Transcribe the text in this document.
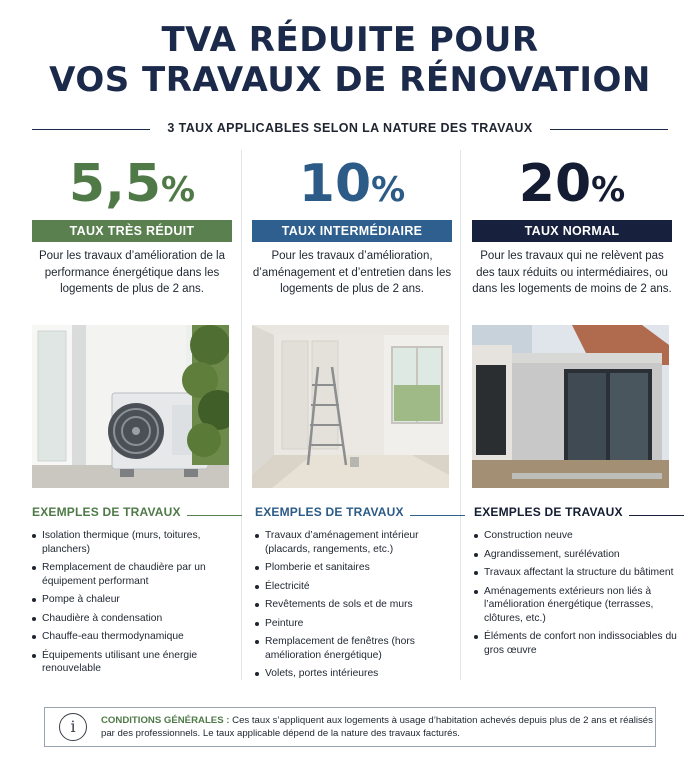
TVA RÉDUITE POUR
VOS TRAVAUX DE RÉNOVATION
3 TAUX APPLICABLES SELON LA NATURE DES TRAVAUX
5,5%
TAUX TRÈS RÉDUIT
Pour les travaux d’amélioration de la performance énergétique dans les logements de plus de 2 ans.
10%
TAUX INTERMÉDIAIRE
Pour les travaux d’amélioration, d’aménagement et d’entretien dans les logements de plus de 2 ans.
20%
TAUX NORMAL
Pour les travaux qui ne relèvent pas des taux réduits ou intermédiaires, ou dans les logements de moins de 2 ans.
EXEMPLES DE TRAVAUX
Isolation thermique (murs, toitures, planchers)
Remplacement de chaudière par un équipement performant
Pompe à chaleur
Chaudière à condensation
Chauffe-eau thermodynamique
Équipements utilisant une énergie renouvelable
EXEMPLES DE TRAVAUX
Travaux d’aménagement intérieur (placards, rangements, etc.)
Plomberie et sanitaires
Électricité
Revêtements de sols et de murs
Peinture
Remplacement de fenêtres (hors amélioration énergétique)
Volets, portes intérieures
EXEMPLES DE TRAVAUX
Construction neuve
Agrandissement, surélévation
Travaux affectant la structure du bâtiment
Aménagements extérieurs non liés à l’amélioration énergétique (terrasses, clôtures, etc.)
Éléments de confort non indissociables du gros œuvre
i	CONDITIONS GÉNÉRALES : Ces taux s’appliquent aux logements à usage d’habitation achevés depuis plus de 2 ans et réalisés par des professionnels. Le taux applicable dépend de la nature des travaux facturés.
